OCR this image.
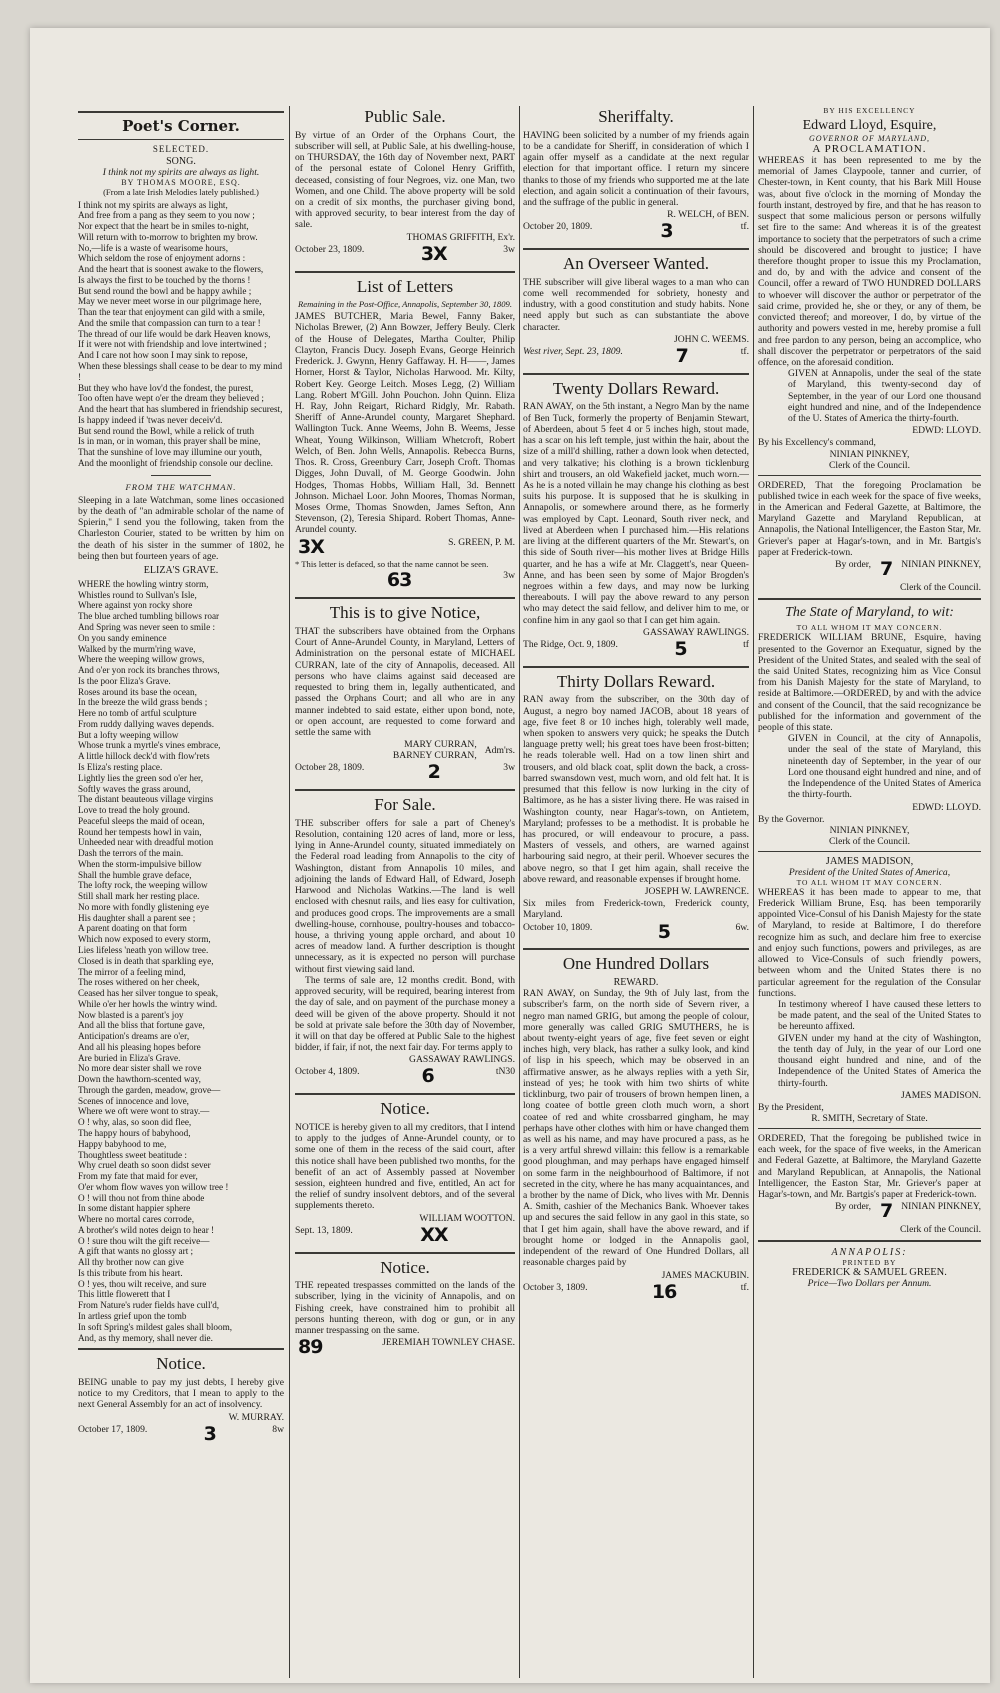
Poet's Corner.
SELECTED.
SONG.
I think not my spirits are always as light.
BY THOMAS MOORE, ESQ.
(From a late Irish Melodies lately published.)

I think not my spirits are always as light,
And free from a pang as they seem to you now ;
Nor expect that the heart be in smiles to-night,
Will return with to-morrow to brighten my brow.
No,—life is a waste of wearisome hours,
Which seldom the rose of enjoyment adorns :
And the heart that is soonest awake to the flowers,
Is always the first to be touched by the thorns !
But send round the bowl and be happy awhile ;
May we never meet worse in our pilgrimage here,
Than the tear that enjoyment can gild with a smile,
And the smile that compassion can turn to a tear !
The thread of our life would be dark Heaven knows,
If it were not with friendship and love intertwined ;
And I care not how soon I may sink to repose,
When these blessings shall cease to be dear to my mind !
But they who have lov'd the fondest, the purest,
Too often have wept o'er the dream they believed ;
And the heart that has slumbered in friendship securest,
Is happy indeed if 'twas never deceiv'd.
But send round the Bowl, while a relick of truth
Is in man, or in woman, this prayer shall be mine,
That the sunshine of love may illumine our youth,
And the moonlight of friendship console our decline.

FROM THE WATCHMAN.

Sleeping in a late Watchman, some lines occasioned by the death of "an admirable scholar of the name of Spierin," I send you the following, taken from the Charleston Courier, stated to be written by him on the death of his sister in the summer of 1802, he being then but fourteen years of age.

ELIZA'S GRAVE.

WHERE the howling wintry storm,
Whistles round to Sullvan's Isle,
Where against yon rocky shore
The blue arched tumbling billows roar
And Spring was never seen to smile :
On you sandy eminence
Walked by the murm'ring wave,
Where the weeping willow grows,
And o'er yon rock its branches throws,
Is the poor Eliza's Grave.
Roses around its base the ocean,
In the breeze the wild grass bends ;
Here no tomb of artful sculpture
From ruddy dallying waves depends.
But a lofty weeping willow
Whose trunk a myrtle's vines embrace,
A little hillock deck'd with flow'rets
Is Eliza's resting place.
Lightly lies the green sod o'er her,
Softly waves the grass around,
The distant beauteous village virgins
Love to tread the holy ground.
Peaceful sleeps the maid of ocean,
Round her tempests howl in vain,
Unheeded near with dreadful motion
Dash the terrors of the main.
When the storm-impulsive billow
Shall the humble grave deface,
The lofty rock, the weeping willow
Still shall mark her resting place.
No more with fondly glistening eye
His daughter shall a parent see ;
A parent doating on that form
Which now exposed to every storm,
Lies lifeless 'neath yon willow tree.
Closed is in death that sparkling eye,
The mirror of a feeling mind,
The roses withered on her cheek,
Ceased has her silver tongue to speak,
While o'er her howls the wintry wind.
Now blasted is a parent's joy
And all the bliss that fortune gave,
Anticipation's dreams are o'er,
And all his pleasing hopes before
Are buried in Eliza's Grave.
No more dear sister shall we rove
Down the hawthorn-scented way,
Through the garden, meadow, grove—
Scenes of innocence and love,
Where we oft were wont to stray.—
O ! why, alas, so soon did flee,
The happy hours of babyhood,
Happy babyhood to me,
Thoughtless sweet beatitude :
Why cruel death so soon didst sever
From my fate that maid for ever,
O'er whom flow waves yon willow tree !
O ! will thou not from thine abode
In some distant happier sphere
Where no mortal cares corrode,
A brother's wild notes deign to hear !
O ! sure thou wilt the gift receive—
A gift that wants no glossy art ;
All thy brother now can give
Is this tribute from his heart.
O ! yes, thou wilt receive, and sure
This little flowerett that I
From Nature's ruder fields have cull'd,
In artless grief upon the tomb
In soft Spring's mildest gales shall bloom,
And, as thy memory, shall never die.

Notice.

BEING unable to pay my just debts, I hereby give notice to my Creditors, that I mean to apply to the next General Assembly for an act of insolvency.

W. MURRAY.
October 17, 1809.	3	8w
Public Sale.

By virtue of an Order of the Orphans Court, the subscriber will sell, at Public Sale, at his dwelling-house, on THURSDAY, the 16th day of November next, PART of the personal estate of Colonel Henry Griffith, deceased, consisting of four Negroes, viz. one Man, two Women, and one Child. The above property will be sold on a credit of six months, the purchaser giving bond, with approved security, to bear interest from the day of sale.

THOMAS GRIFFITH, Ex'r.
October 23, 1809.	3X	3w
List of Letters
Remaining in the Post-Office, Annapolis, September 30, 1809.

JAMES BUTCHER, Maria Bewel, Fanny Baker, Nicholas Brewer, (2) Ann Bowzer, Jeffery Beuly. Clerk of the House of Delegates, Martha Coulter, Philip Clayton, Francis Ducy. Joseph Evans, George Heinrich Frederick. J. Gwynn, Henry Gaffaway. H. H——, James Horner, Horst & Taylor, Nicholas Harwood. Mr. Kilty, Robert Key. George Leitch. Moses Legg, (2) William Lang. Robert M'Gill. John Pouchon. John Quinn. Eliza H. Ray, John Reigart, Richard Ridgly, Mr. Rabath. Sheriff of Anne-Arundel county, Margaret Shephard. Wallington Tuck. Anne Weems, John B. Weems, Jesse Wheat, Young Wilkinson, William Whetcroft, Robert Welch, of Ben. John Wells, Annapolis. Rebecca Burns, Thos. R. Cross, Greenbury Carr, Joseph Croft. Thomas Digges, John Duvall, of M. George Goodwin. John Hodges, Thomas Hobbs, William Hall, 3d. Bennett Johnson. Michael Loor. John Moores, Thomas Norman, Moses Orme, Thomas Snowden, James Sefton, Ann Stevenson, (2), Teresia Shipard. Robert Thomas, Anne-Arundel county.

3X	S. GREEN, P. M.

* This letter is defaced, so that the name cannot be seen.

63	3w
This is to give Notice,

THAT the subscribers have obtained from the Orphans Court of Anne-Arundel County, in Maryland, Letters of Administration on the personal estate of MICHAEL CURRAN, late of the city of Annapolis, deceased. All persons who have claims against said deceased are requested to bring them in, legally authenticated, and passed the Orphans Court; and all who are in any manner indebted to said estate, either upon bond, note, or open account, are requested to come forward and settle the same with

MARY CURRAN,
BARNEY CURRAN,
Adm'rs.
October 28, 1809.	2	3w
For Sale.

THE subscriber offers for sale a part of Cheney's Resolution, containing 120 acres of land, more or less, lying in Anne-Arundel county, situated immediately on the Federal road leading from Annapolis to the city of Washington, distant from Annapolis 10 miles, and adjoining the lands of Edward Hall, of Edward, Joseph Harwood and Nicholas Watkins.—The land is well enclosed with chesnut rails, and lies easy for cultivation, and produces good crops. The improvements are a small dwelling-house, cornhouse, poultry-houses and tobacco-house, a thriving young apple orchard, and about 10 acres of meadow land. A further description is thought unnecessary, as it is expected no person will purchase without first viewing said land.

The terms of sale are, 12 months credit. Bond, with approved security, will be required, bearing interest from the day of sale, and on payment of the purchase money a deed will be given of the above property. Should it not be sold at private sale before the 30th day of November, it will on that day be offered at Public Sale to the highest bidder, if fair, if not, the next fair day. For terms apply to

GASSAWAY RAWLINGS.
October 4, 1809.	6	tN30
Notice.

NOTICE is hereby given to all my creditors, that I intend to apply to the judges of Anne-Arundel county, or to some one of them in the recess of the said court, after this notice shall have been published two months, for the benefit of an act of Assembly passed at November session, eighteen hundred and five, entitled, An act for the relief of sundry insolvent debtors, and of the several supplements thereto.

WILLIAM WOOTTON.
Sept. 13, 1809.	XX
Notice.

THE repeated trespasses committed on the lands of the subscriber, lying in the vicinity of Annapolis, and on Fishing creek, have constrained him to prohibit all persons hunting thereon, with dog or gun, or in any manner trespassing on the same.

89	JEREMIAH TOWNLEY CHASE.
Sheriffalty.

HAVING been solicited by a number of my friends again to be a candidate for Sheriff, in consideration of which I again offer myself as a candidate at the next regular election for that important office. I return my sincere thanks to those of my friends who supported me at the late election, and again solicit a continuation of their favours, and the suffrage of the public in general.

R. WELCH, of BEN.
October 20, 1809.	3	tf.
An Overseer Wanted.

THE subscriber will give liberal wages to a man who can come well recommended for sobriety, honesty and industry, with a good constitution and study habits. None need apply but such as can substantiate the above character.

JOHN C. WEEMS.
West river, Sept. 23, 1809.	7	tf.
Twenty Dollars Reward.

RAN AWAY, on the 5th instant, a Negro Man by the name of Ben Tuck, formerly the property of Benjamin Stewart, of Aberdeen, about 5 feet 4 or 5 inches high, stout made, has a scar on his left temple, just within the hair, about the size of a mill'd shilling, rather a down look when detected, and very talkative; his clothing is a brown ticklenburg shirt and trousers, an old Wakefield jacket, much worn.—As he is a noted villain he may change his clothing as best suits his purpose. It is supposed that he is skulking in Annapolis, or somewhere around there, as he formerly was employed by Capt. Leonard, South river neck, and lived at Aberdeen when I purchased him.—His relations are living at the different quarters of the Mr. Stewart's, on this side of South river—his mother lives at Bridge Hills quarter, and he has a wife at Mr. Claggett's, near Queen-Anne, and has been seen by some of Major Brogden's negroes within a few days, and may now be lurking thereabouts. I will pay the above reward to any person who may detect the said fellow, and deliver him to me, or confine him in any gaol so that I can get him again.

GASSAWAY RAWLINGS.
The Ridge, Oct. 9, 1809.	5	tf
Thirty Dollars Reward.

RAN away from the subscriber, on the 30th day of August, a negro boy named JACOB, about 18 years of age, five feet 8 or 10 inches high, tolerably well made, when spoken to answers very quick; he speaks the Dutch language pretty well; his great toes have been frost-bitten; he reads tolerable well. Had on a tow linen shirt and trousers, and old black coat, split down the back, a cross-barred swansdown vest, much worn, and old felt hat. It is presumed that this fellow is now lurking in the city of Baltimore, as he has a sister living there. He was raised in Washington county, near Hagar's-town, on Antietem, Maryland; professes to be a methodist. It is probable he has procured, or will endeavour to procure, a pass. Masters of vessels, and others, are warned against harbouring said negro, at their peril. Whoever secures the above negro, so that I get him again, shall receive the above reward, and reasonable expenses if brought home.

JOSEPH W. LAWRENCE.

Six miles from Frederick-town, Frederick county, Maryland.

October 10, 1809.	5	6w.
One Hundred Dollars
REWARD.

RAN AWAY, on Sunday, the 9th of July last, from the subscriber's farm, on the north side of Severn river, a negro man named GRIG, but among the people of colour, more generally was called GRIG SMUTHERS, he is about twenty-eight years of age, five feet seven or eight inches high, very black, has rather a sulky look, and kind of lisp in his speech, which may be observed in an affirmative answer, as he always replies with a yeth Sir, instead of yes; he took with him two shirts of white ticklinburg, two pair of trousers of brown hempen linen, a long coatee of bottle green cloth much worn, a short coatee of red and white crossbarred gingham, he may perhaps have other clothes with him or have changed them as well as his name, and may have procured a pass, as he is a very artful shrewd villain: this fellow is a remarkable good ploughman, and may perhaps have engaged himself on some farm in the neighbourhood of Baltimore, if not secreted in the city, where he has many acquaintances, and a brother by the name of Dick, who lives with Mr. Dennis A. Smith, cashier of the Mechanics Bank. Whoever takes up and secures the said fellow in any gaol in this state, so that I get him again, shall have the above reward, and if brought home or lodged in the Annapolis gaol, independent of the reward of One Hundred Dollars, all reasonable charges paid by

JAMES MACKUBIN.
October 3, 1809.	16	tf.
BY HIS EXCELLENCY
Edward Lloyd, Esquire,
GOVERNOR OF MARYLAND,
A PROCLAMATION.

WHEREAS it has been represented to me by the memorial of James Claypoole, tanner and currier, of Chester-town, in Kent county, that his Bark Mill House was, about five o'clock in the morning of Monday the fourth instant, destroyed by fire, and that he has reason to suspect that some malicious person or persons wilfully set fire to the same: And whereas it is of the greatest importance to society that the perpetrators of such a crime should be discovered and brought to justice; I have therefore thought proper to issue this my Proclamation, and do, by and with the advice and consent of the Council, offer a reward of TWO HUNDRED DOLLARS to whoever will discover the author or perpetrator of the said crime, provided he, she or they, or any of them, be convicted thereof; and moreover, I do, by virtue of the authority and powers vested in me, hereby promise a full and free pardon to any person, being an accomplice, who shall discover the perpetrator or perpetrators of the said offence, on the aforesaid condition.

GIVEN at Annapolis, under the seal of the state of Maryland, this twenty-second day of September, in the year of our Lord one thousand eight hundred and nine, and of the Independence of the U. States of America the thirty-fourth.

EDWD: LLOYD.

By his Excellency's command,

NINIAN PINKNEY,
Clerk of the Council.

ORDERED, That the foregoing Proclamation be published twice in each week for the space of five weeks, in the American and Federal Gazette, at Baltimore, the Maryland Gazette and Maryland Republican, at Annapolis, the National Intelligencer, the Easton Star, Mr. Griever's paper at Hagar's-town, and in Mr. Bartgis's paper at Frederick-town.

By order, 7 NINIAN PINKNEY,
Clerk of the Council.
The State of Maryland, to wit:
TO ALL WHOM IT MAY CONCERN.

FREDERICK WILLIAM BRUNE, Esquire, having presented to the Governor an Exequatur, signed by the President of the United States, and sealed with the seal of the said United States, recognizing him as Vice Consul from his Danish Majesty for the state of Maryland, to reside at Baltimore.—ORDERED, by and with the advice and consent of the Council, that the said recognizance be published for the information and government of the people of this state.

GIVEN in Council, at the city of Annapolis, under the seal of the state of Maryland, this nineteenth day of September, in the year of our Lord one thousand eight hundred and nine, and of the Independence of the United States of America the thirty-fourth.

EDWD: LLOYD.

By the Governor.

NINIAN PINKNEY,
Clerk of the Council.
JAMES MADISON,
President of the United States of America,
TO ALL WHOM IT MAY CONCERN.

WHEREAS it has been made to appear to me, that Frederick William Brune, Esq. has been temporarily appointed Vice-Consul of his Danish Majesty for the state of Maryland, to reside at Baltimore, I do therefore recognize him as such, and declare him free to exercise and enjoy such functions, powers and privileges, as are allowed to Vice-Consuls of such friendly powers, between whom and the United States there is no particular agreement for the regulation of the Consular functions.

In testimony whereof I have caused these letters to be made patent, and the seal of the United States to be hereunto affixed.

GIVEN under my hand at the city of Washington, the tenth day of July, in the year of our Lord one thousand eight hundred and nine, and of the Independence of the United States of America the thirty-fourth.

JAMES MADISON.

By the President,

R. SMITH, Secretary of State.

ORDERED, That the foregoing be published twice in each week, for the space of five weeks, in the American and Federal Gazette, at Baltimore, the Maryland Gazette and Maryland Republican, at Annapolis, the National Intelligencer, the Easton Star, Mr. Griever's paper at Hagar's-town, and Mr. Bartgis's paper at Frederick-town.

By order, 7 NINIAN PINKNEY,
Clerk of the Council.
ANNAPOLIS:
PRINTED BY
FREDERICK & SAMUEL GREEN.
Price—Two Dollars per Annum.
